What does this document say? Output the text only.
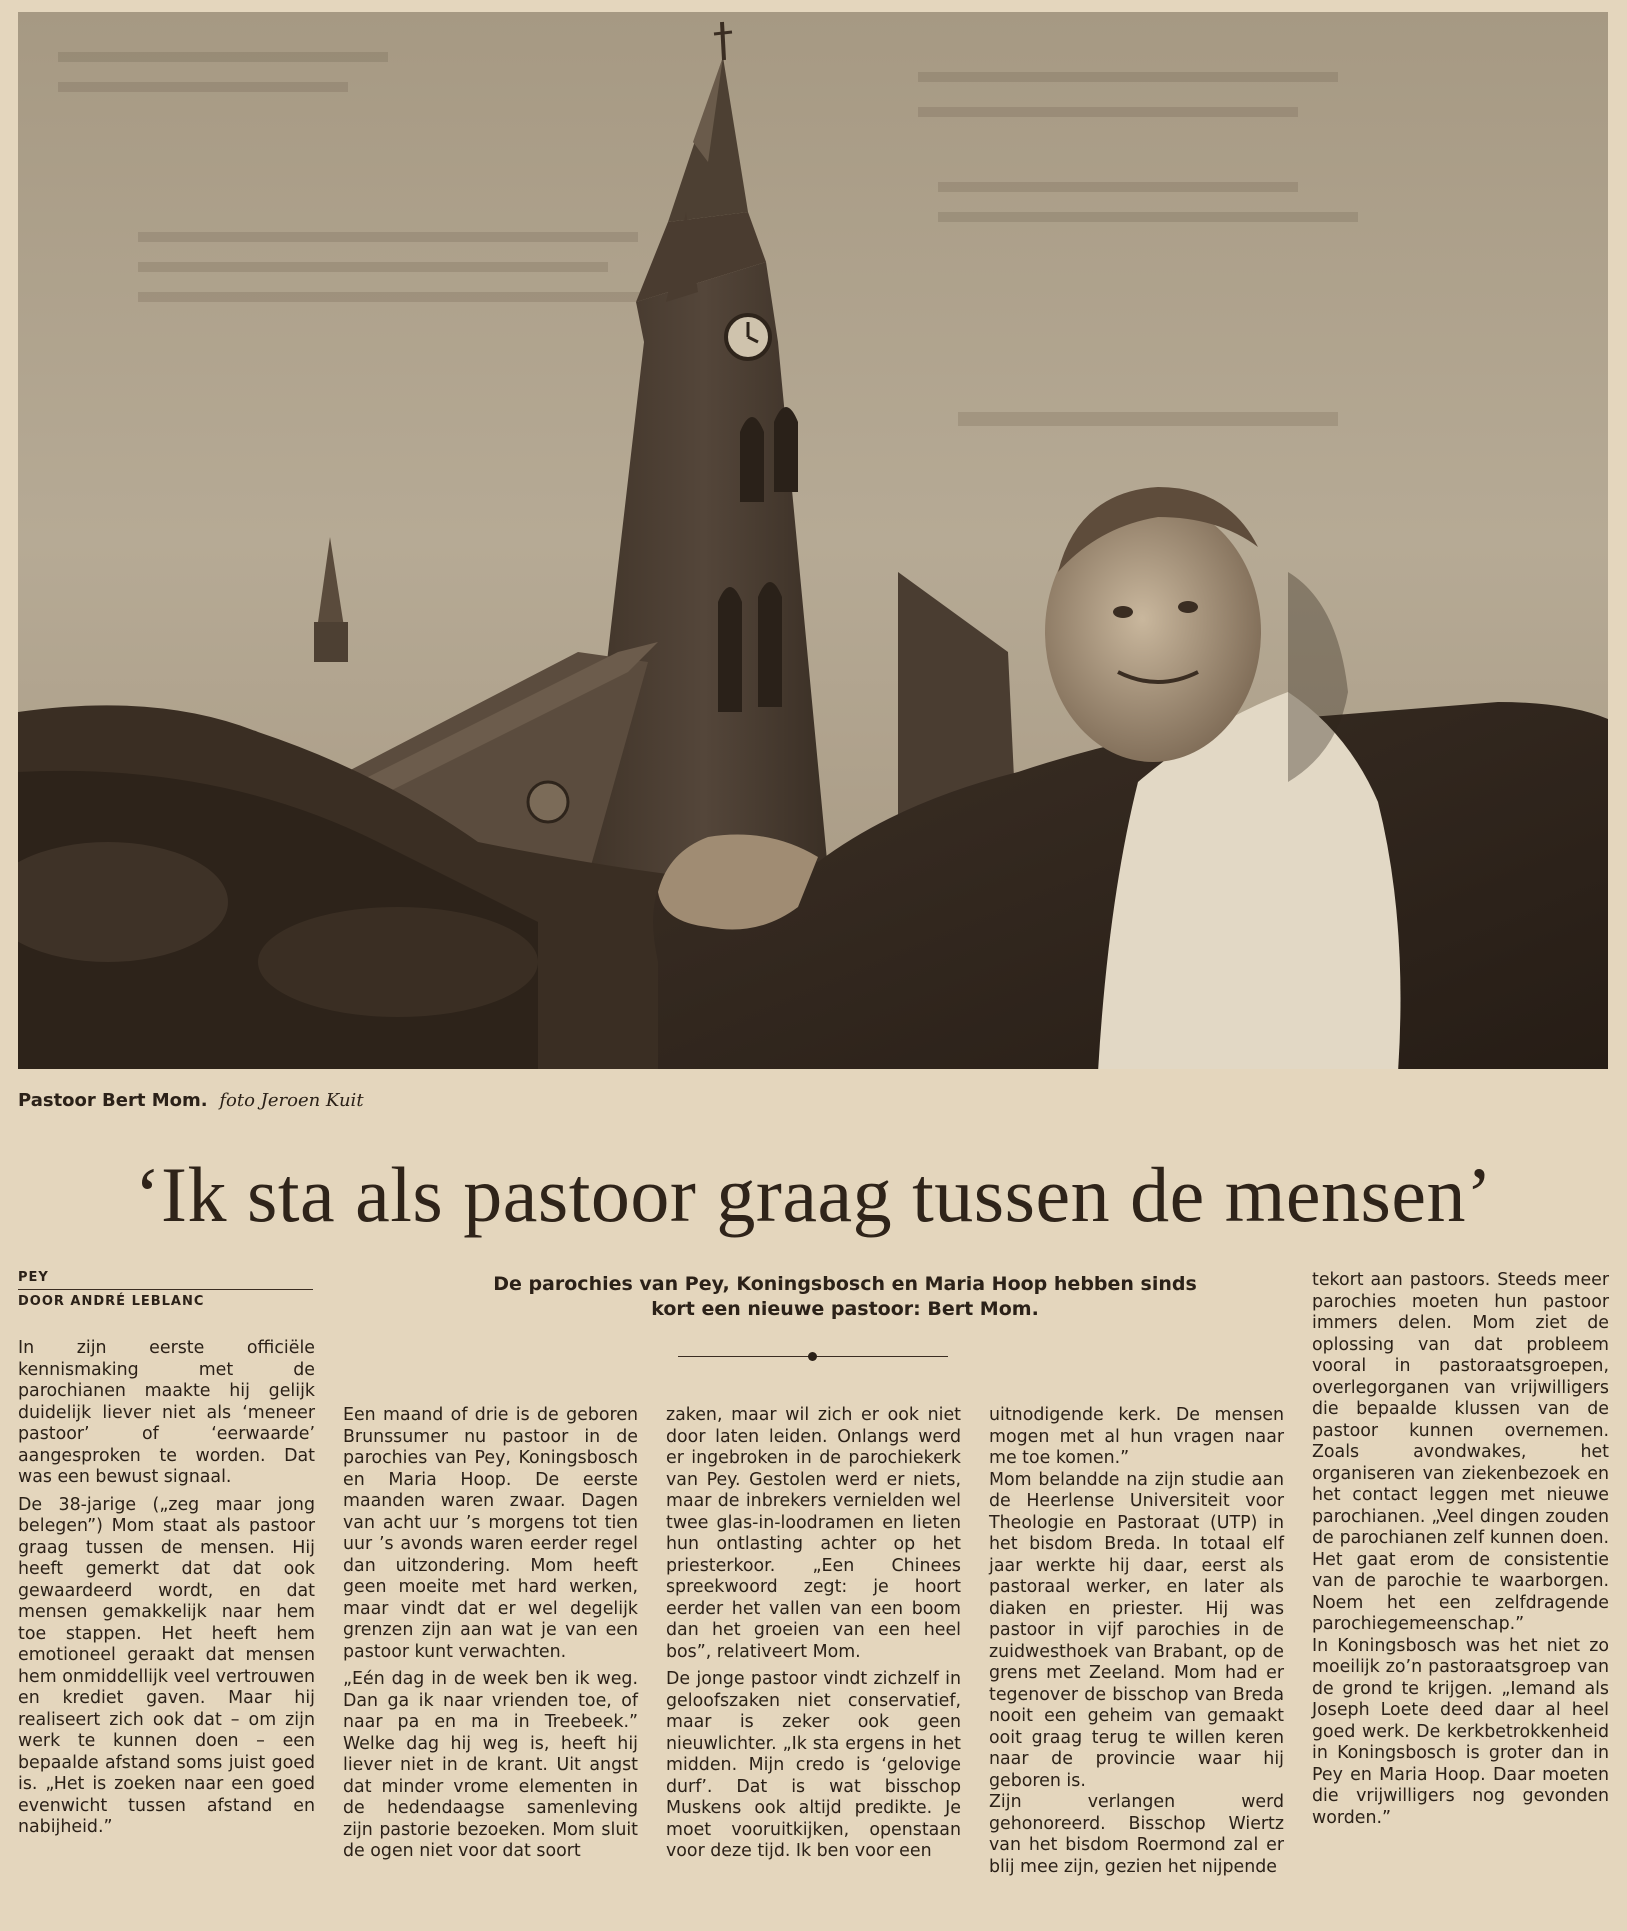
Pastoor Bert Mom. foto Jeroen Kuit
‘Ik sta als pastoor graag tussen de mensen’
PEY
DOOR ANDRÉ LEBLANC
De parochies van Pey, Koningsbosch en Maria Hoop hebben sinds
kort een nieuwe pastoor: Bert Mom.

In zijn eerste officiële kennismaking met de parochianen maakte hij gelijk duidelijk liever niet als ‘meneer pastoor’ of ‘eerwaarde’ aangesproken te worden. Dat was een bewust signaal.

De 38-jarige („zeg maar jong belegen”) Mom staat als pastoor graag tussen de mensen. Hij heeft gemerkt dat dat ook gewaardeerd wordt, en dat mensen gemakkelijk naar hem toe stappen. Het heeft hem emotioneel geraakt dat mensen hem onmiddellijk veel vertrouwen en krediet gaven. Maar hij realiseert zich ook dat – om zijn werk te kunnen doen – een bepaalde afstand soms juist goed is. „Het is zoeken naar een goed evenwicht tussen afstand en nabijheid.”

Een maand of drie is de geboren Brunssumer nu pastoor in de parochies van Pey, Koningsbosch en Maria Hoop. De eerste maanden waren zwaar. Dagen van acht uur ’s morgens tot tien uur ’s avonds waren eerder regel dan uitzondering. Mom heeft geen moeite met hard werken, maar vindt dat er wel degelijk grenzen zijn aan wat je van een pastoor kunt verwachten.

„Eén dag in de week ben ik weg. Dan ga ik naar vrienden toe, of naar pa en ma in Treebeek.” Welke dag hij weg is, heeft hij liever niet in de krant. Uit angst dat minder vrome elementen in de hedendaagse samenleving zijn pastorie bezoeken. Mom sluit de ogen niet voor dat soort

zaken, maar wil zich er ook niet door laten leiden. Onlangs werd er ingebroken in de parochiekerk van Pey. Gestolen werd er niets, maar de inbrekers vernielden wel twee glas-in-loodramen en lieten hun ontlasting achter op het priesterkoor. „Een Chinees spreekwoord zegt: je hoort eerder het vallen van een boom dan het groeien van een heel bos”, relativeert Mom.

De jonge pastoor vindt zichzelf in geloofszaken niet conservatief, maar is zeker ook geen nieuwlichter. „Ik sta ergens in het midden. Mijn credo is ‘gelovige durf’. Dat is wat bisschop Muskens ook altijd predikte. Je moet vooruitkijken, openstaan voor deze tijd. Ik ben voor een

uitnodigende kerk. De mensen mogen met al hun vragen naar me toe komen.”

Mom belandde na zijn studie aan de Heerlense Universiteit voor Theologie en Pastoraat (UTP) in het bisdom Breda. In totaal elf jaar werkte hij daar, eerst als pastoraal werker, en later als diaken en priester. Hij was pastoor in vijf parochies in de zuidwesthoek van Brabant, op de grens met Zeeland. Mom had er tegenover de bisschop van Breda nooit een geheim van gemaakt ooit graag terug te willen keren naar de provincie waar hij geboren is.

Zijn verlangen werd gehonoreerd. Bisschop Wiertz van het bisdom Roermond zal er blij mee zijn, gezien het nijpende

tekort aan pastoors. Steeds meer parochies moeten hun pastoor immers delen. Mom ziet de oplossing van dat probleem vooral in pastoraatsgroepen, overlegorganen van vrijwilligers die bepaalde klussen van de pastoor kunnen overnemen. Zoals avondwakes, het organiseren van ziekenbezoek en het contact leggen met nieuwe parochianen. „Veel dingen zouden de parochianen zelf kunnen doen. Het gaat erom de consistentie van de parochie te waarborgen. Noem het een zelfdragende parochiegemeenschap.”

In Koningsbosch was het niet zo moeilijk zo’n pastoraatsgroep van de grond te krijgen. „Iemand als Joseph Loete deed daar al heel goed werk. De kerkbetrokkenheid in Koningsbosch is groter dan in Pey en Maria Hoop. Daar moeten die vrijwilligers nog gevonden worden.”
